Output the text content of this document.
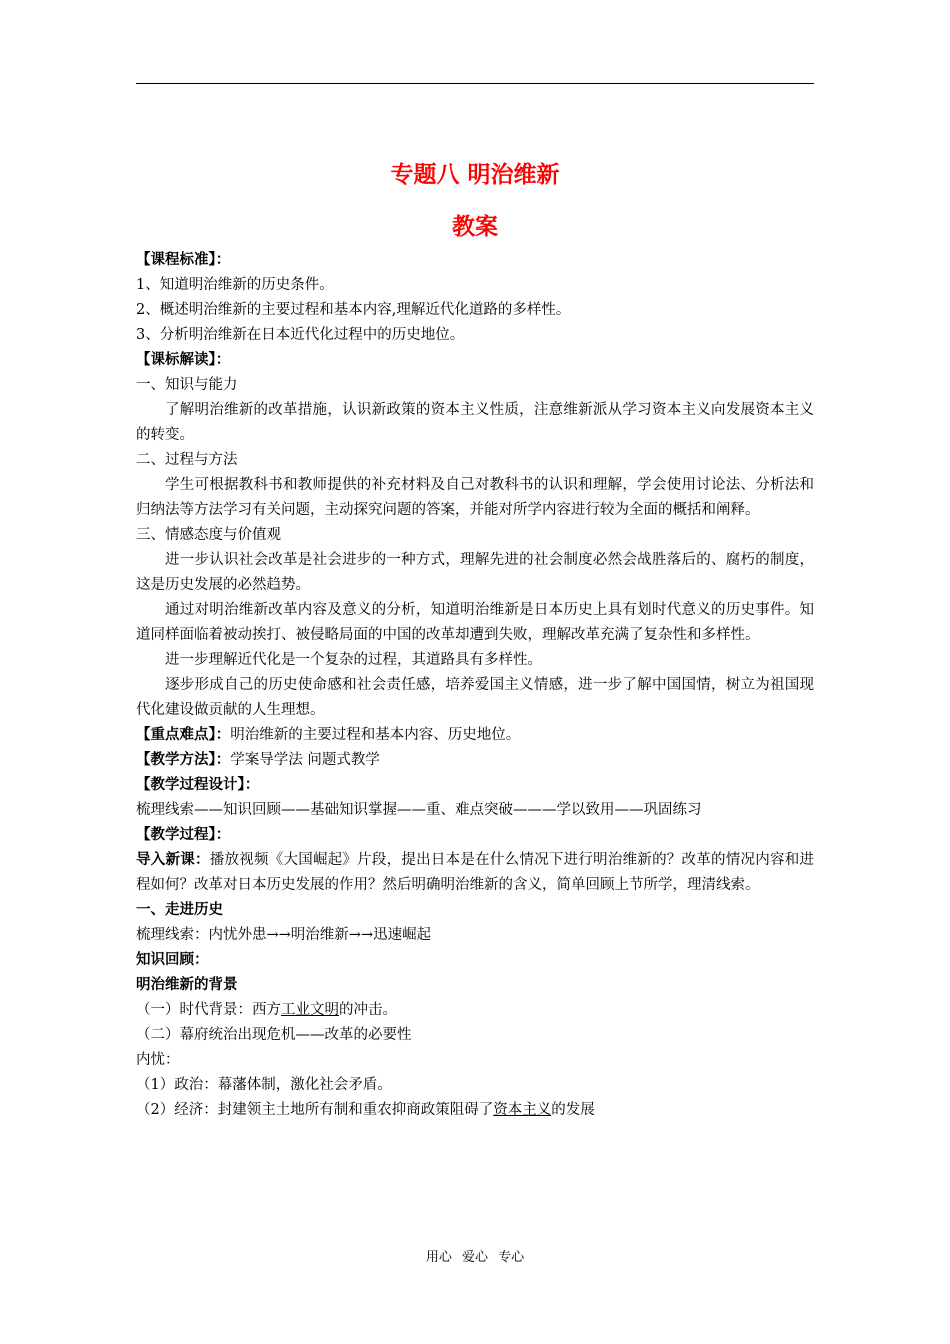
专题八 明治维新
教案

【课程标准】：

1、知道明治维新的历史条件。

2、概述明治维新的主要过程和基本内容,理解近代化道路的多样性。

3、分析明治维新在日本近代化过程中的历史地位。

【课标解读】：

一、知识与能力

了解明治维新的改革措施，认识新政策的资本主义性质，注意维新派从学习资本主义向发展资本主义的转变。

二、过程与方法

学生可根据教科书和教师提供的补充材料及自己对教科书的认识和理解，学会使用讨论法、分析法和归纳法等方法学习有关问题，主动探究问题的答案，并能对所学内容进行较为全面的概括和阐释。

三、情感态度与价值观

进一步认识社会改革是社会进步的一种方式，理解先进的社会制度必然会战胜落后的、腐朽的制度，这是历史发展的必然趋势。

通过对明治维新改革内容及意义的分析，知道明治维新是日本历史上具有划时代意义的历史事件。知道同样面临着被动挨打、被侵略局面的中国的改革却遭到失败，理解改革充满了复杂性和多样性。

进一步理解近代化是一个复杂的过程，其道路具有多样性。

逐步形成自己的历史使命感和社会责任感，培养爱国主义情感，进一步了解中国国情，树立为祖国现代化建设做贡献的人生理想。

【重点难点】：明治维新的主要过程和基本内容、历史地位。

【教学方法】：学案导学法 问题式教学

【教学过程设计】：

梳理线索——知识回顾——基础知识掌握——重、难点突破———学以致用——巩固练习

【教学过程】：

导入新课：播放视频《大国崛起》片段，提出日本是在什么情况下进行明治维新的？改革的情况内容和进程如何？改革对日本历史发展的作用？然后明确明治维新的含义，简单回顾上节所学，理清线索。

一、走进历史

梳理线索：内忧外患→→明治维新→→迅速崛起

知识回顾：

明治维新的背景

（一）时代背景：西方工业文明的冲击。

（二）幕府统治出现危机——改革的必要性

内忧：

（1）政治：幕藩体制，激化社会矛盾。

（2）经济：封建领主土地所有制和重农抑商政策阻碍了资本主义的发展

用心 爱心 专心
